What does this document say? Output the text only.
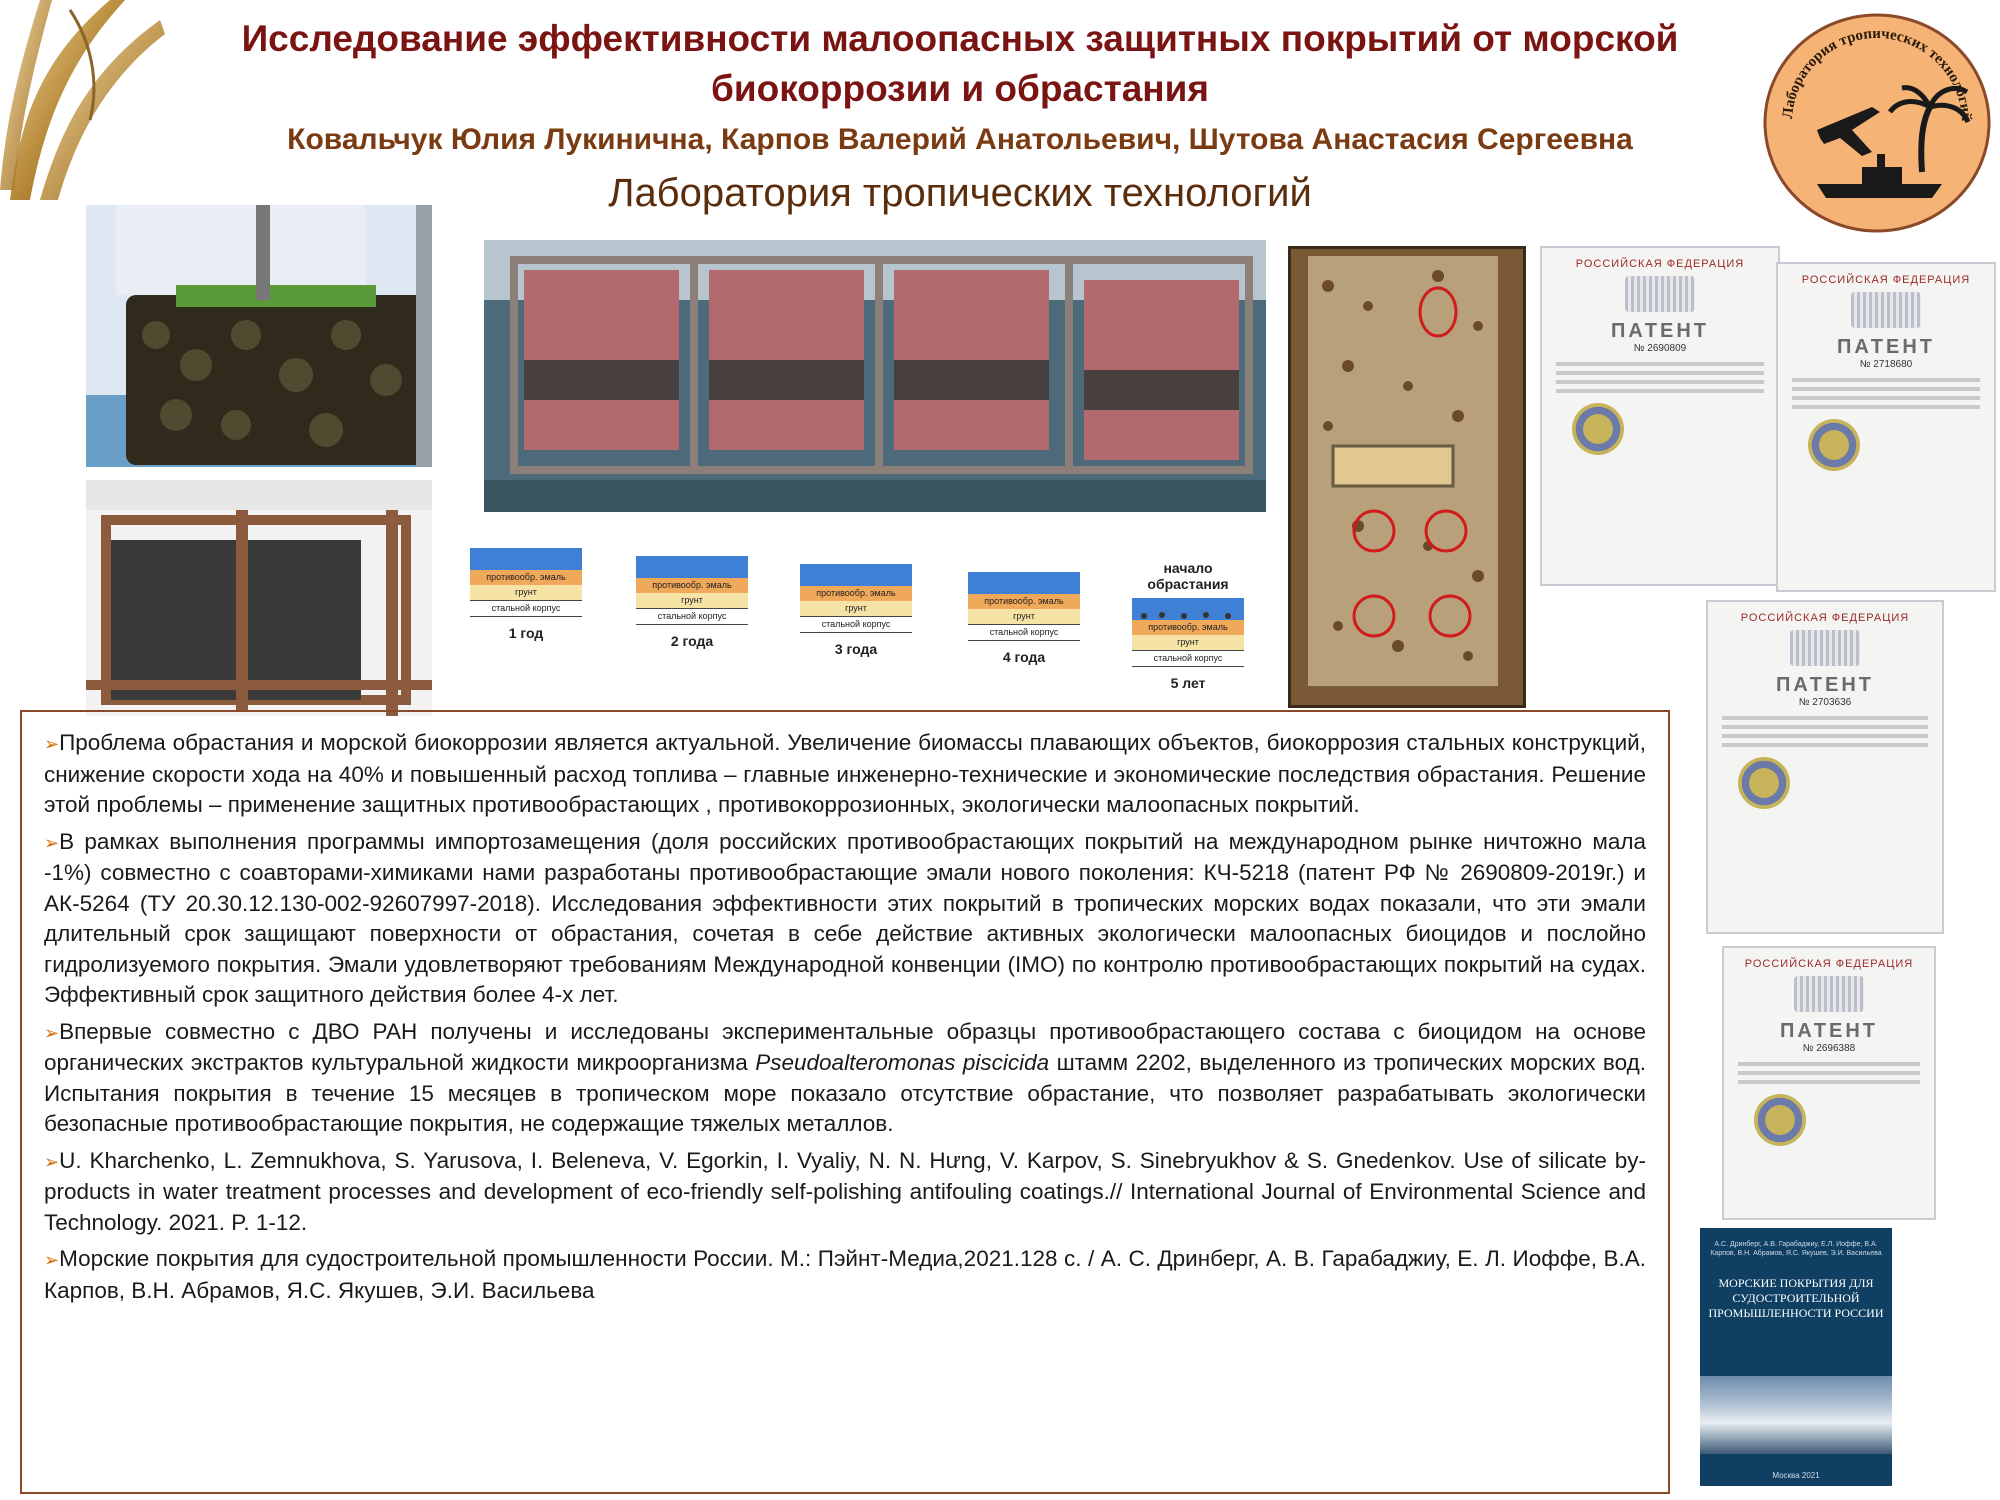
Исследование эффективности малоопасных защитных покрытий от морской биокоррозии и обрастания
Ковальчук Юлия Лукинична, Карпов Валерий Анатольевич, Шутова Анастасия Сергеевна
Лаборатория тропических технологий
Лаборатория тропических технологий
противообр. эмаль
грунт
стальной корпус
1 год
противообр. эмаль
грунт
стальной корпус
2 года
противообр. эмаль
грунт
стальной корпус
3 года
противообр. эмаль
грунт
стальной корпус
4 года
начало обрастания
противообр. эмаль
грунт
стальной корпус
5 лет
РОССИЙСКАЯ ФЕДЕРАЦИЯ
ПАТЕНТ
№ 2690809
РОССИЙСКАЯ ФЕДЕРАЦИЯ
ПАТЕНТ
№ 2718680
РОССИЙСКАЯ ФЕДЕРАЦИЯ
ПАТЕНТ
№ 2703636
РОССИЙСКАЯ ФЕДЕРАЦИЯ
ПАТЕНТ
№ 2696388
А.С. Дринберг, А.В. Гарабаджиу, Е.Л. Иоффе, В.А. Карпов, В.Н. Абрамов, Я.С. Якушев, Э.И. Васильева
МОРСКИЕ ПОКРЫТИЯ ДЛЯ СУДОСТРОИТЕЛЬНОЙ ПРОМЫШЛЕННОСТИ РОССИИ
Москва 2021

➢Проблема обрастания и морской биокоррозии является актуальной. Увеличение биомассы плавающих объектов, биокоррозия стальных конструкций, снижение скорости хода на 40% и повышенный расход топлива – главные инженерно-технические и экономические последствия обрастания. Решение этой проблемы – применение защитных противообрастающих , противокоррозионных, экологически малоопасных покрытий.

➢В рамках выполнения программы импортозамещения (доля российских противообрастающих покрытий на международном рынке ничтожно мала -1%) совместно с соавторами-химиками нами разработаны противообрастающие эмали нового поколения: КЧ-5218 (патент РФ № 2690809-2019г.) и АК-5264 (ТУ 20.30.12.130-002-92607997-2018). Исследования эффективности этих покрытий в тропических морских водах показали, что эти эмали длительный срок защищают поверхности от обрастания, сочетая в себе действие активных экологически малоопасных биоцидов и послойно гидролизуемого покрытия. Эмали удовлетворяют требованиям Международной конвенции (IMO) по контролю противообрастающих покрытий на судах. Эффективный срок защитного действия более 4-х лет.

➢Впервые совместно с ДВО РАН получены и исследованы экспериментальные образцы противообрастающего состава с биоцидом на основе органических экстрактов культуральной жидкости микроорганизма Pseudoalteromonas piscicida штамм 2202, выделенного из тропических морских вод. Испытания покрытия в течение 15 месяцев в тропическом море показало отсутствие обрастание, что позволяет разрабатывать экологически безопасные противообрастающие покрытия, не содержащие тяжелых металлов.

➢U. Kharchenko, L. Zemnukhova, S. Yarusova, I. Beleneva, V. Egorkin, I. Vyaliy, N. N. Hưng, V. Karpov, S. Sinebryukhov & S. Gnedenkov. Use of silicate by-products in water treatment processes and development of eco-friendly self-polishing antifouling coatings.// International Journal of Environmental Science and Technology. 2021. P. 1-12.

➢Морские покрытия для судостроительной промышленности России. М.: Пэйнт-Медиа,2021.128 с. / А. С. Дринберг, А. В. Гарабаджиу, Е. Л. Иоффе, В.А. Карпов, В.Н. Абрамов, Я.С. Якушев, Э.И. Васильева
